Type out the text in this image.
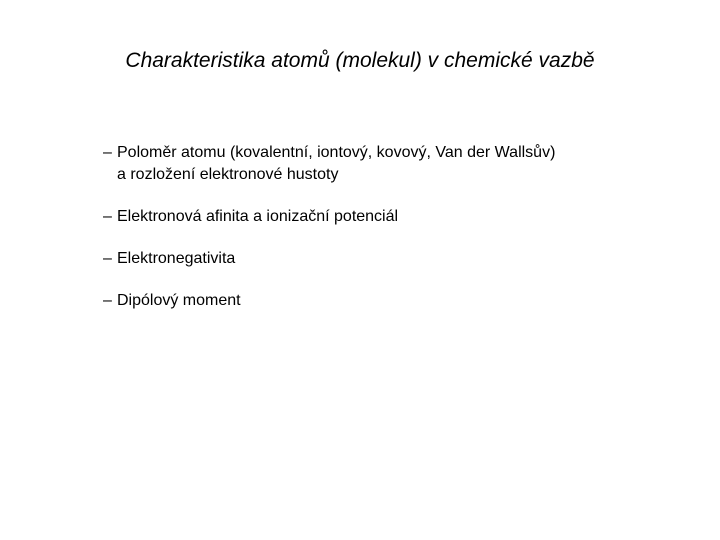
Charakteristika atomů (molekul) v chemické vazbě
– Poloměr atomu (kovalentní, iontový, kovový, Van der Wallsův)
a rozložení elektronové hustoty
– Elektronová afinita a ionizační potenciál
– Elektronegativita
– Dipólový moment
